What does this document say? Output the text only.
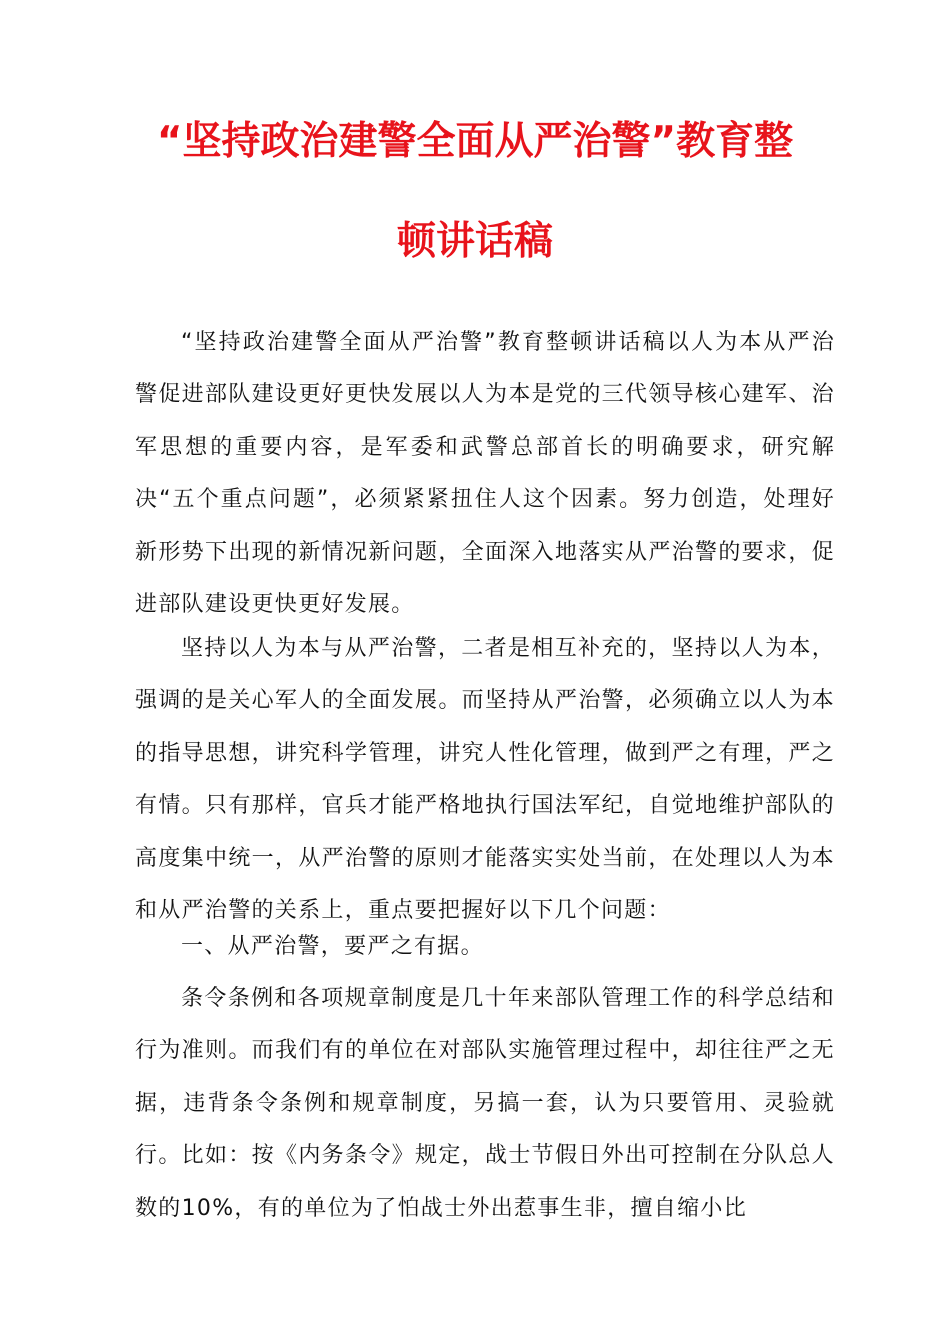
“坚持政治建警全面从严治警”教育整
顿讲话稿

“坚持政治建警全面从严治警”教育整顿讲话稿以人为本从严治警促进部队建设更好更快发展以人为本是党的三代领导核心建军、治军思想的重要内容，是军委和武警总部首长的明确要求，研究解决“五个重点问题”，必须紧紧扭住人这个因素。努力创造，处理好新形势下出现的新情况新问题，全面深入地落实从严治警的要求，促进部队建设更快更好发展。

坚持以人为本与从严治警，二者是相互补充的，坚持以人为本，强调的是关心军人的全面发展。而坚持从严治警，必须确立以人为本的指导思想，讲究科学管理，讲究人性化管理，做到严之有理，严之有情。只有那样，官兵才能严格地执行国法军纪，自觉地维护部队的高度集中统一，从严治警的原则才能落实实处当前，在处理以人为本和从严治警的关系上，重点要把握好以下几个问题：

一、从严治警，要严之有据。

条令条例和各项规章制度是几十年来部队管理工作的科学总结和行为准则。而我们有的单位在对部队实施管理过程中，却往往严之无据，违背条令条例和规章制度，另搞一套，认为只要管用、灵验就行。比如：按《内务条令》规定，战士节假日外出可控制在分队总人数的10%，有的单位为了怕战士外出惹事生非，擅自缩小比
